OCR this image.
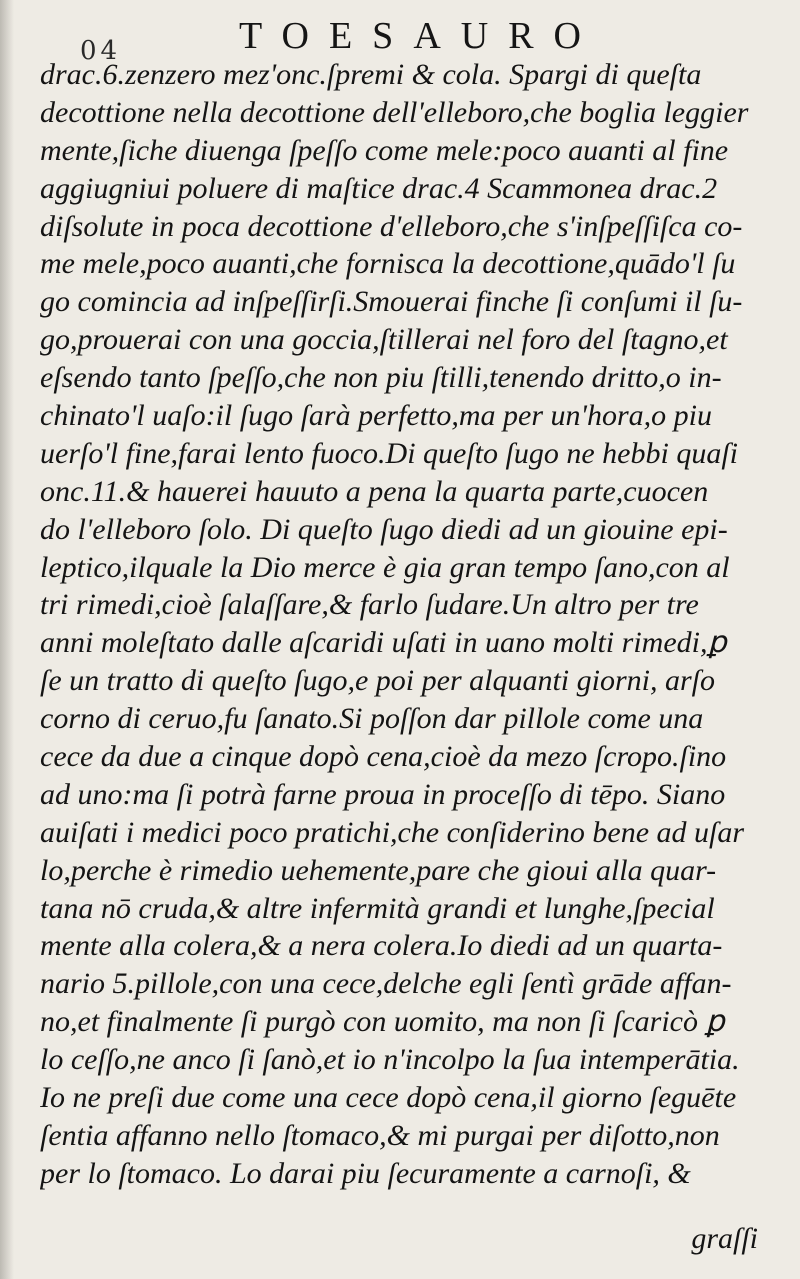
04	TOESAURO
drac.6.zenzero mez'onc.ſpremi & cola. Spargi di queſta
decottione nella decottione dell'elleboro,che boglia leggier
mente,ſiche diuenga ſpeſſo come mele:poco auanti al fine
aggiugniui poluere di maſtice drac.4 Scammonea drac.2
diſsolute in poca decottione d'elleboro,che s'inſpeſſiſca co-
me mele,poco auanti,che fornisca la decottione,quādo'l ſu
go comincia ad inſpeſſirſi.Smouerai finche ſi conſumi il ſu-
go,prouerai con una goccia,ſtillerai nel foro del ſtagno,et
eſsendo tanto ſpeſſo,che non piu ſtilli,tenendo dritto,o in-
chinato'l uaſo:il ſugo ſarà perfetto,ma per un'hora,o piu
uerſo'l fine,farai lento fuoco.Di queſto ſugo ne hebbi quaſi
onc.11.& hauerei hauuto a pena la quarta parte,cuocen
do l'elleboro ſolo. Di queſto ſugo diedi ad un giouine epi-
leptico,ilquale la Dio merce è gia gran tempo ſano,con al
tri rimedi,cioè ſalaſſare,& farlo ſudare.Un altro per tre
anni moleſtato dalle aſcaridi uſati in uano molti rimedi,ꝑ
ſe un tratto di queſto ſugo,e poi per alquanti giorni, arſo
corno di ceruo,fu ſanato.Si poſſon dar pillole come una
cece da due a cinque dopò cena,cioè da mezo ſcropo.ſino
ad uno:ma ſi potrà farne proua in proceſſo di tēpo. Siano
auiſati i medici poco pratichi,che conſiderino bene ad uſar
lo,perche è rimedio uehemente,pare che gioui alla quar-
tana nō cruda,& altre infermità grandi et lunghe,ſpecial
mente alla colera,& a nera colera.Io diedi ad un quarta-
nario 5.pillole,con una cece,delche egli ſentì grāde affan-
no,et finalmente ſi purgò con uomito, ma non ſi ſcaricò ꝑ
lo ceſſo,ne anco ſi ſanò,et io n'incolpo la ſua intemperātia.
Io ne preſi due come una cece dopò cena,il giorno ſeguēte
ſentia affanno nello ſtomaco,& mi purgai per diſotto,non
per lo ſtomaco. Lo darai piu ſecuramente a carnoſi, &
graſſi
